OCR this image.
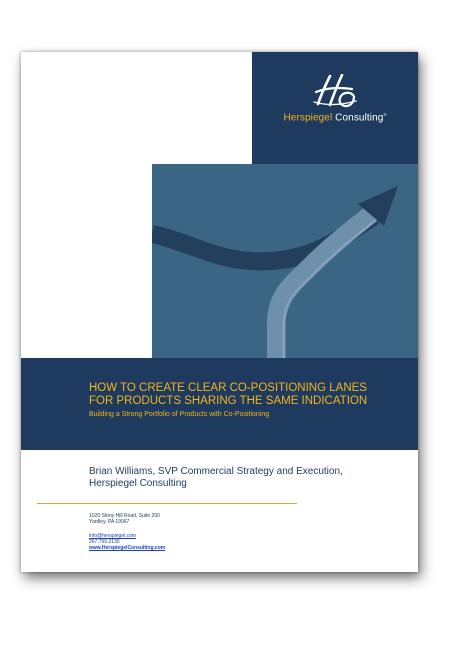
Herspiegel Consulting®
HOW TO CREATE CLEAR CO-POSITIONING LANES
FOR PRODUCTS SHARING THE SAME INDICATION
Building a Strong Portfolio of Products with Co-Positioning
Brian Williams, SVP Commercial Strategy and Execution,
Herspiegel Consulting
1020 Stony Hill Road, Suite 200
Yardley, PA 19067
info@herspiegel.com
267.759.2130
www.HerspiegelConsulting.com
